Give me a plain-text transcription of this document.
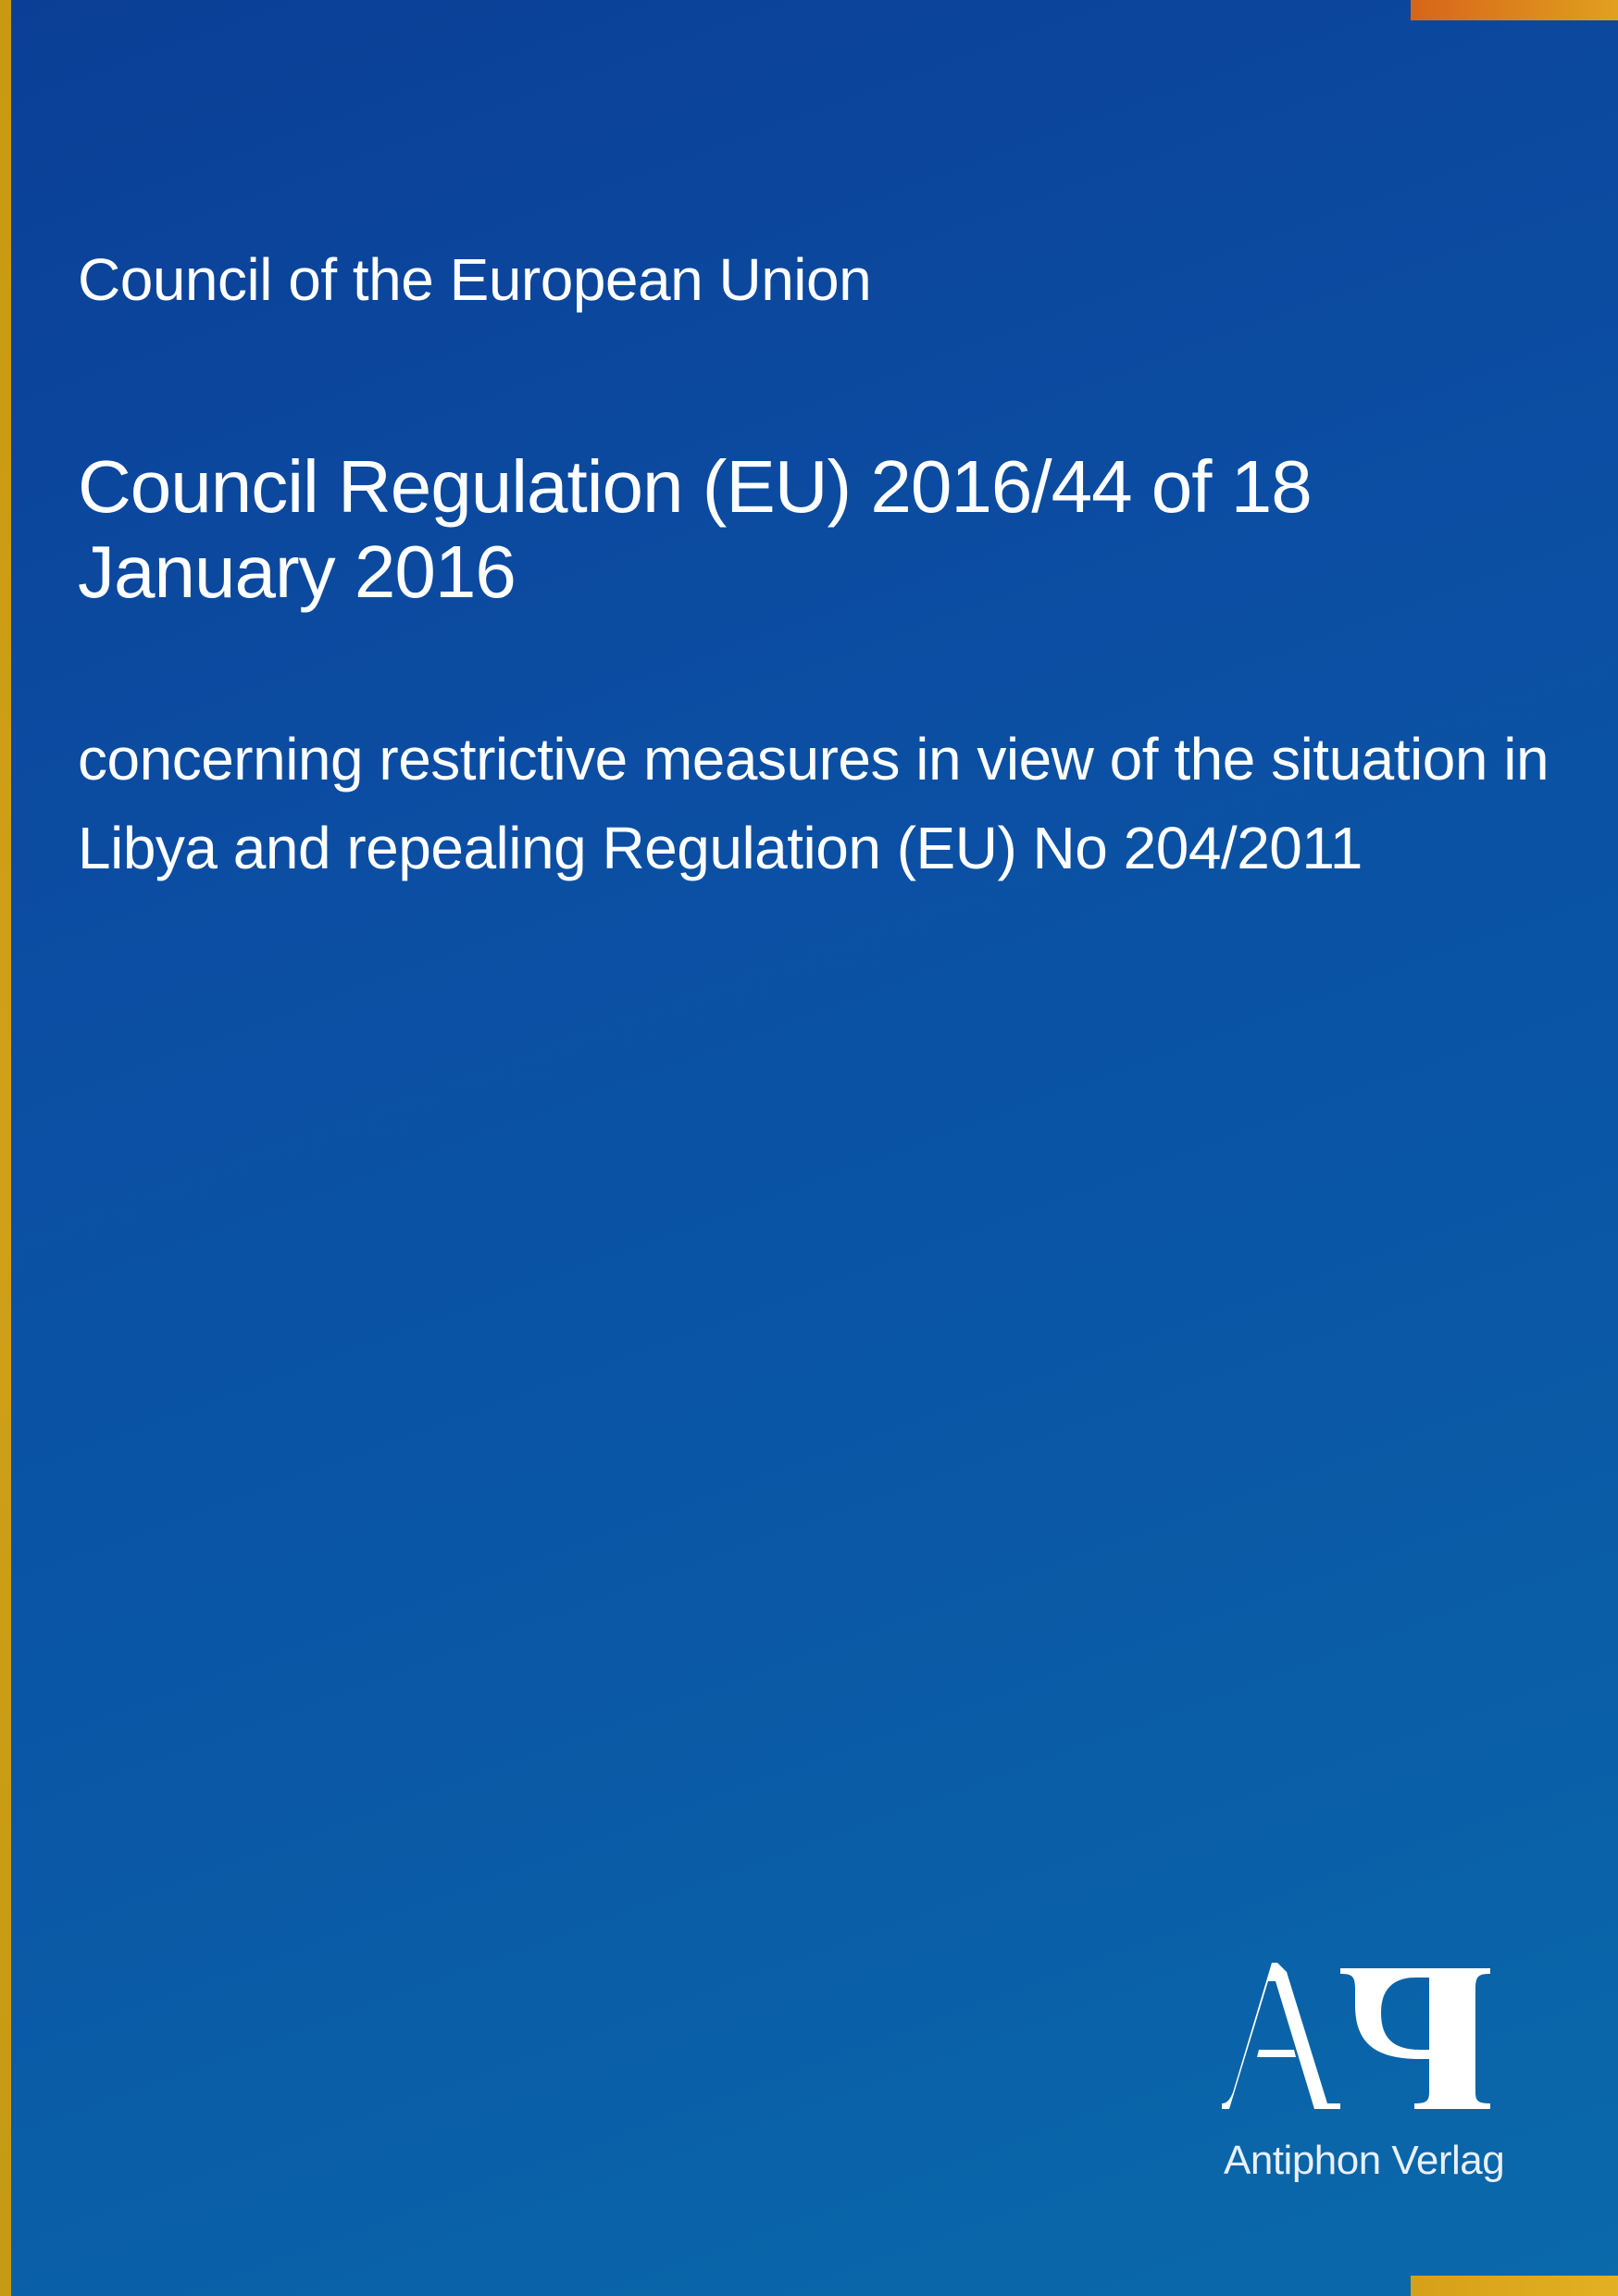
Council of the European Union
Council Regulation (EU) 2016/44 of 18 January 2016
concerning restrictive measures in view of the situation in Libya and repealing Regulation (EU) No 204/2011
Antiphon Verlag
